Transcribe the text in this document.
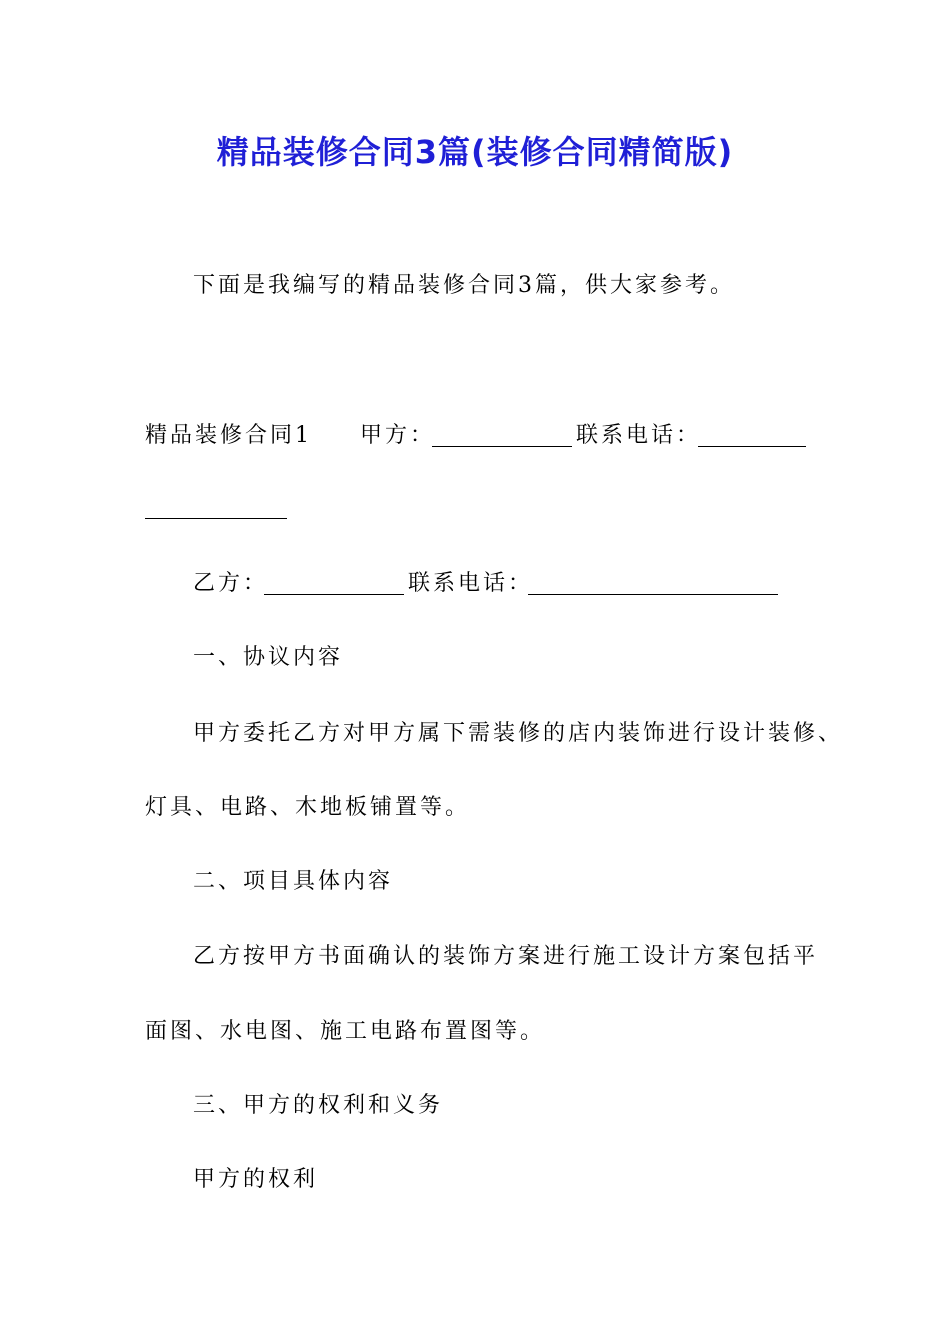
精品装修合同3篇(装修合同精简版)
下面是我编写的精品装修合同3篇，供大家参考。
精品装修合同1 甲方：	联系电话：
乙方：	联系电话：
一、协议内容
甲方委托乙方对甲方属下需装修的店内装饰进行设计装修、
灯具、电路、木地板铺置等。
二、项目具体内容
乙方按甲方书面确认的装饰方案进行施工设计方案包括平
面图、水电图、施工电路布置图等。
三、甲方的权利和义务
甲方的权利
